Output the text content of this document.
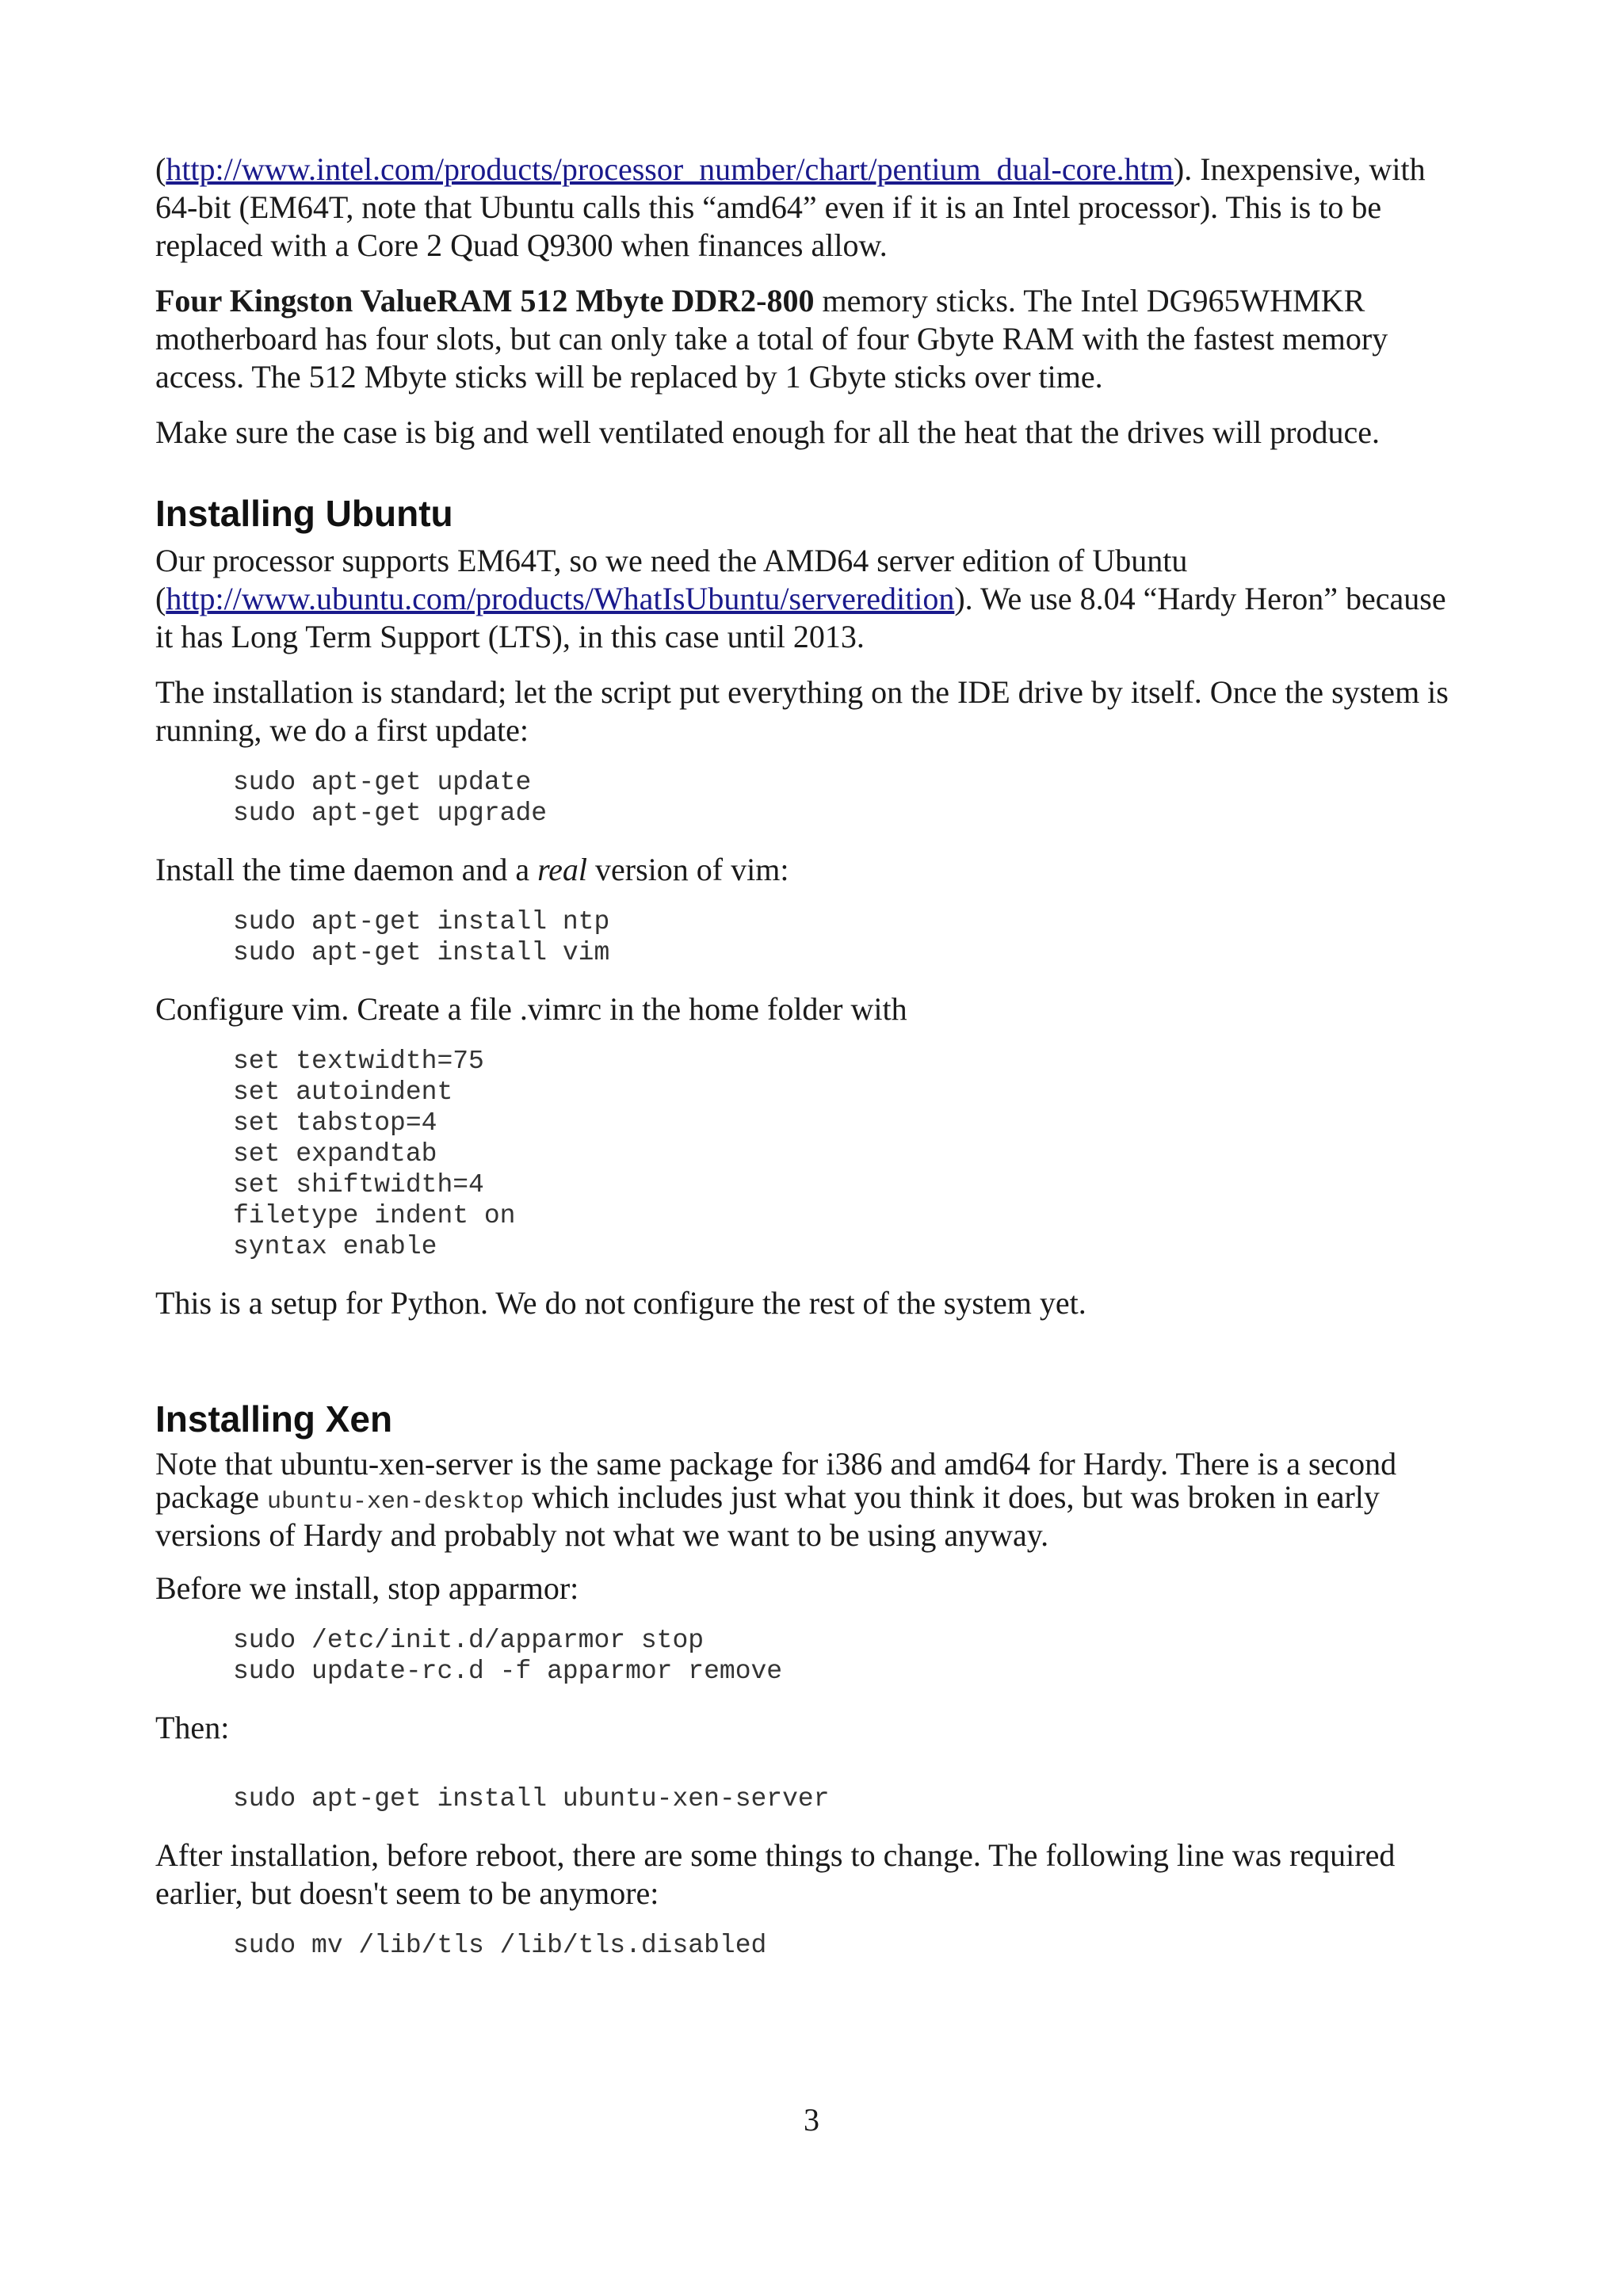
(http://www.intel.com/products/processor_number/chart/pentium_dual-core.htm). Inexpensive, with 64-bit (EM64T, note that Ubuntu calls this “amd64” even if it is an Intel processor). This is to be replaced with a Core 2 Quad Q9300 when finances allow.

Four Kingston ValueRAM 512 Mbyte DDR2-800 memory sticks. The Intel DG965WHMKR motherboard has four slots, but can only take a total of four Gbyte RAM with the fastest memory access. The 512 Mbyte sticks will be replaced by 1 Gbyte sticks over time.

Make sure the case is big and well ventilated enough for all the heat that the drives will produce.

Installing Ubuntu

Our processor supports EM64T, so we need the AMD64 server edition of Ubuntu (http://www.ubuntu.com/products/WhatIsUbuntu/serveredition). We use 8.04 “Hardy Heron” because it has Long Term Support (LTS), in this case until 2013.

The installation is standard; let the script put everything on the IDE drive by itself. Once the system is running, we do a first update:

sudo apt-get update
sudo apt-get upgrade

Install the time daemon and a real version of vim:

sudo apt-get install ntp
sudo apt-get install vim

Configure vim. Create a file .vimrc in the home folder with

set textwidth=75
set autoindent
set tabstop=4
set expandtab
set shiftwidth=4
filetype indent on
syntax enable

This is a setup for Python. We do not configure the rest of the system yet.

Installing Xen

Note that ubuntu-xen-server is the same package for i386 and amd64 for Hardy. There is a second package ubuntu-xen-desktop which includes just what you think it does, but was broken in early versions of Hardy and probably not what we want to be using anyway.

Before we install, stop apparmor:

sudo /etc/init.d/apparmor stop
sudo update-rc.d -f apparmor remove

Then:

sudo apt-get install ubuntu-xen-server

After installation, before reboot, there are some things to change. The following line was required earlier, but doesn't seem to be anymore:

sudo mv /lib/tls /lib/tls.disabled
3
